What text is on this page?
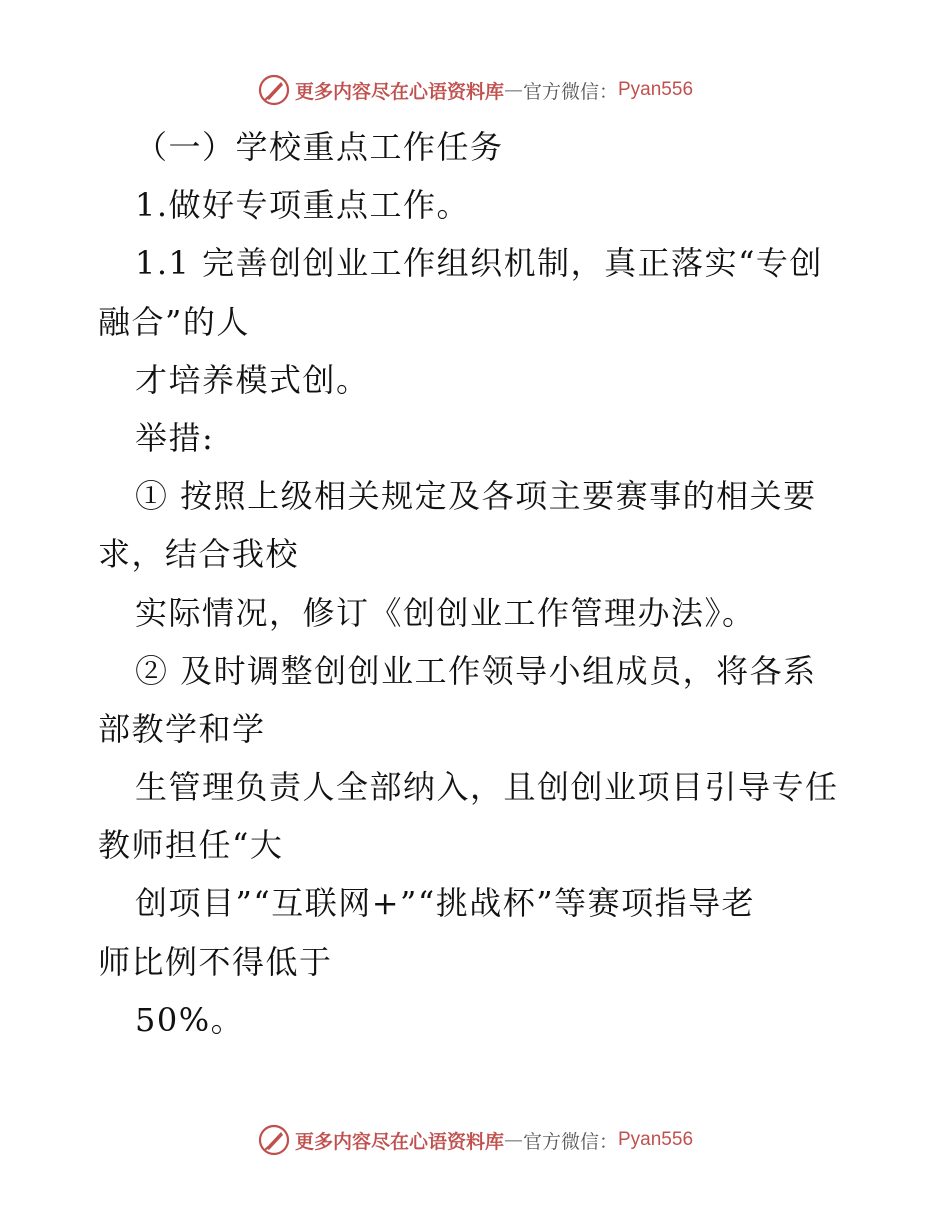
更多内容尽在心语资料库 — 官方微信： Pyan556
（一）学校重点工作任务
1.做好专项重点工作。
1.1 完善创创业工作组织机制，真正落实“专创
融合”的人
才培养模式创。
举措:
① 按照上级相关规定及各项主要赛事的相关要
求，结合我校
实际情况，修订《创创业工作管理办法》。
② 及时调整创创业工作领导小组成员，将各系
部教学和学
生管理负责人全部纳入，且创创业项目引导专任
教师担任“大
创项目”“互联网+”“挑战杯”等赛项指导老
师比例不得低于
50%。
更多内容尽在心语资料库 — 官方微信： Pyan556
